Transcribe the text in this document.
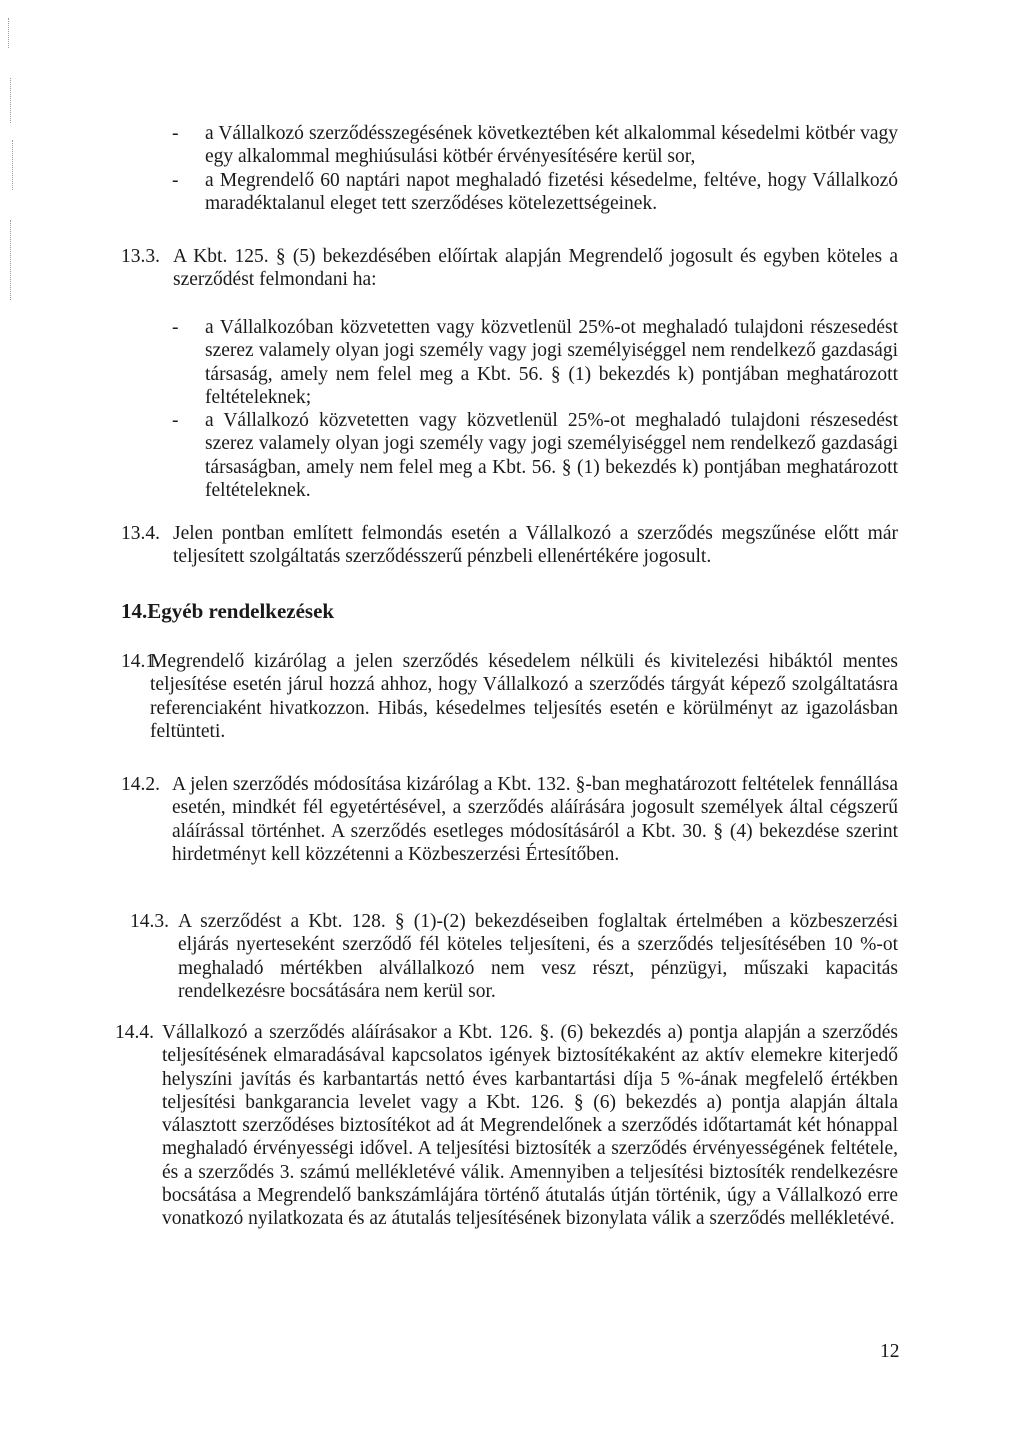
- a Vállalkozó szerződésszegésének következtében két alkalommal késedelmi kötbér vagy egy alkalommal meghiúsulási kötbér érvényesítésére kerül sor,

- a Megrendelő 60 naptári napot meghaladó fizetési késedelme, feltéve, hogy Vállalkozó maradéktalanul eleget tett szerződéses kötelezettségeinek.

13.3. A Kbt. 125. § (5) bekezdésében előírtak alapján Megrendelő jogosult és egyben köteles a szerződést felmondani ha:

- a Vállalkozóban közvetetten vagy közvetlenül 25%-ot meghaladó tulajdoni részesedést szerez valamely olyan jogi személy vagy jogi személyiséggel nem rendelkező gazdasági társaság, amely nem felel meg a Kbt. 56. § (1) bekezdés k) pontjában meghatározott feltételeknek;

- a Vállalkozó közvetetten vagy közvetlenül 25%-ot meghaladó tulajdoni részesedést szerez valamely olyan jogi személy vagy jogi személyiséggel nem rendelkező gazdasági társaságban, amely nem felel meg a Kbt. 56. § (1) bekezdés k) pontjában meghatározott feltételeknek.

13.4. Jelen pontban említett felmondás esetén a Vállalkozó a szerződés megszűnése előtt már teljesített szolgáltatás szerződésszerű pénzbeli ellenértékére jogosult.

14.Egyéb rendelkezések
14.1.

Megrendelő kizárólag a jelen szerződés késedelem nélküli és kivitelezési hibáktól mentes teljesítése esetén járul hozzá ahhoz, hogy Vállalkozó a szerződés tárgyát képező szolgáltatásra referenciaként hivatkozzon. Hibás, késedelmes teljesítés esetén e körülményt az igazolásban feltünteti.

14.2. A jelen szerződés módosítása kizárólag a Kbt. 132. §-ban meghatározott feltételek fennállása esetén, mindkét fél egyetértésével, a szerződés aláírására jogosult személyek által cégszerű aláírással történhet. A szerződés esetleges módosításáról a Kbt. 30. § (4) bekezdése szerint hirdetményt kell közzétenni a Közbeszerzési Értesítőben.

14.3. A szerződést a Kbt. 128. § (1)-(2) bekezdéseiben foglaltak értelmében a közbeszerzési eljárás nyerteseként szerződő fél köteles teljesíteni, és a szerződés teljesítésében 10 %-ot meghaladó mértékben alvállalkozó nem vesz részt, pénzügyi, műszaki kapacitás rendelkezésre bocsátására nem kerül sor.

14.4. Vállalkozó a szerződés aláírásakor a Kbt. 126. §. (6) bekezdés a) pontja alapján a szerződés teljesítésének elmaradásával kapcsolatos igények biztosítékaként az aktív elemekre kiterjedő helyszíni javítás és karbantartás nettó éves karbantartási díja 5 %-ának megfelelő értékben teljesítési bankgarancia levelet vagy a Kbt. 126. § (6) bekezdés a) pontja alapján általa választott szerződéses biztosítékot ad át Megrendelőnek a szerződés időtartamát két hónappal meghaladó érvényességi idővel. A teljesítési biztosíték a szerződés érvényességének feltétele, és a szerződés 3. számú mellékletévé válik. Amennyiben a teljesítési biztosíték rendelkezésre bocsátása a Megrendelő bankszámlájára történő átutalás útján történik, úgy a Vállalkozó erre vonatkozó nyilatkozata és az átutalás teljesítésének bizonylata válik a szerződés mellékletévé.

12
